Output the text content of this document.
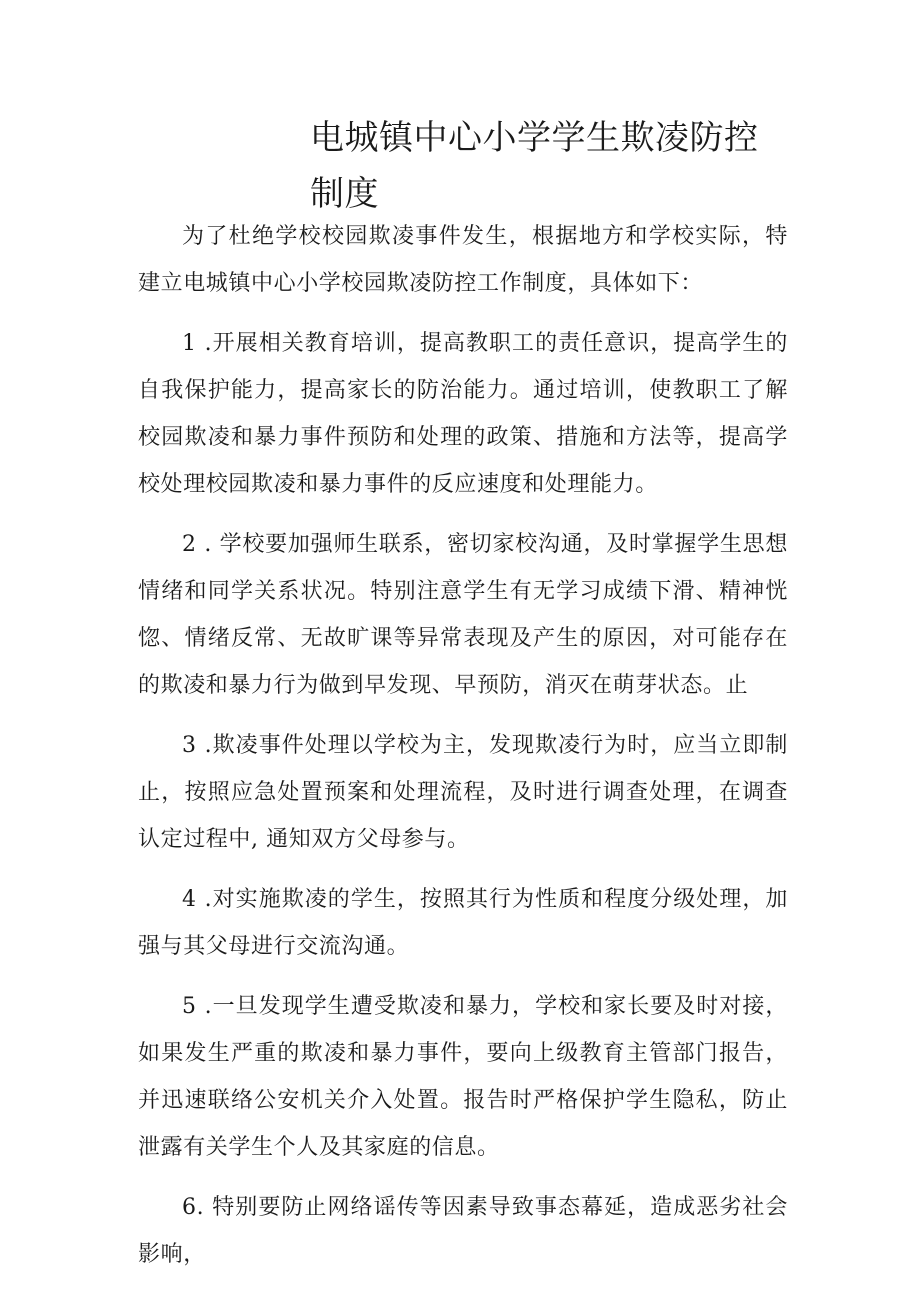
电城镇中心小学学生欺凌防控制度

为了杜绝学校校园欺凌事件发生，根据地方和学校实际，特建立电城镇中心小学校园欺凌防控工作制度，具体如下：

1 .开展相关教育培训，提高教职工的责任意识，提高学生的自我保护能力，提高家长的防治能力。通过培训，使教职工了解校园欺凌和暴力事件预防和处理的政策、措施和方法等，提高学校处理校园欺凌和暴力事件的反应速度和处理能力。

2 . 学校要加强师生联系，密切家校沟通，及时掌握学生思想情绪和同学关系状况。特别注意学生有无学习成绩下滑、精神恍惚、情绪反常、无故旷课等异常表现及产生的原因，对可能存在的欺凌和暴力行为做到早发现、早预防，消灭在萌芽状态。止

3 .欺凌事件处理以学校为主，发现欺凌行为时，应当立即制止，按照应急处置预案和处理流程，及时进行调查处理，在调查认定过程中, 通知双方父母参与。

4 .对实施欺凌的学生，按照其行为性质和程度分级处理，加强与其父母进行交流沟通。

5 .一旦发现学生遭受欺凌和暴力，学校和家长要及时对接，如果发生严重的欺凌和暴力事件，要向上级教育主管部门报告，并迅速联络公安机关介入处置。报告时严格保护学生隐私，防止泄露有关学生个人及其家庭的信息。

6. 特别要防止网络谣传等因素导致事态幕延，造成恶劣社会影响，
